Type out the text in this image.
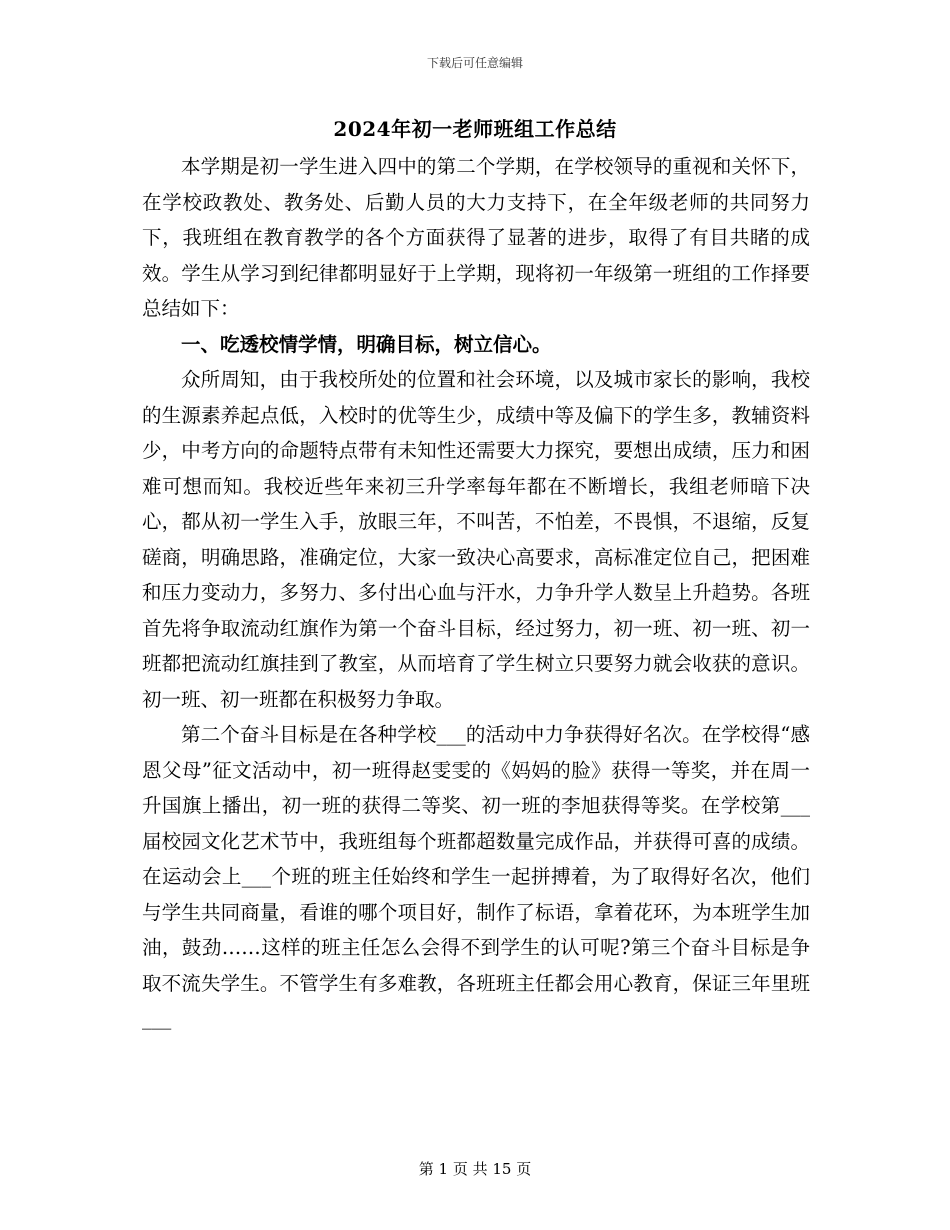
下载后可任意编辑
2024年初一老师班组工作总结

本学期是初一学生进入四中的第二个学期，在学校领导的重视和关怀下，在学校政教处、教务处、后勤人员的大力支持下，在全年级老师的共同努力下，我班组在教育教学的各个方面获得了显著的进步，取得了有目共睹的成效。学生从学习到纪律都明显好于上学期，现将初一年级第一班组的工作择要总结如下：

一、吃透校情学情，明确目标，树立信心。

众所周知，由于我校所处的位置和社会环境，以及城市家长的影响，我校的生源素养起点低，入校时的优等生少，成绩中等及偏下的学生多，教辅资料少，中考方向的命题特点带有未知性还需要大力探究，要想出成绩，压力和困难可想而知。我校近些年来初三升学率每年都在不断增长，我组老师暗下决心，都从初一学生入手，放眼三年，不叫苦，不怕差，不畏惧，不退缩，反复磋商，明确思路，准确定位，大家一致决心高要求，高标准定位自己，把困难和压力变动力，多努力、多付出心血与汗水，力争升学人数呈上升趋势。各班首先将争取流动红旗作为第一个奋斗目标，经过努力，初一班、初一班、初一班都把流动红旗挂到了教室，从而培育了学生树立只要努力就会收获的意识。初一班、初一班都在积极努力争取。

第二个奋斗目标是在各种学校___的活动中力争获得好名次。在学校得“感恩父母”征文活动中，初一班得赵雯雯的《妈妈的脸》获得一等奖，并在周一升国旗上播出，初一班的获得二等奖、初一班的李旭获得等奖。在学校第___届校园文化艺术节中，我班组每个班都超数量完成作品，并获得可喜的成绩。在运动会上___个班的班主任始终和学生一起拼搏着，为了取得好名次，他们与学生共同商量，看谁的哪个项目好，制作了标语，拿着花环，为本班学生加油，鼓劲……这样的班主任怎么会得不到学生的认可呢?第三个奋斗目标是争取不流失学生。不管学生有多难教，各班班主任都会用心教育，保证三年里班___

第 1 页 共 15 页
